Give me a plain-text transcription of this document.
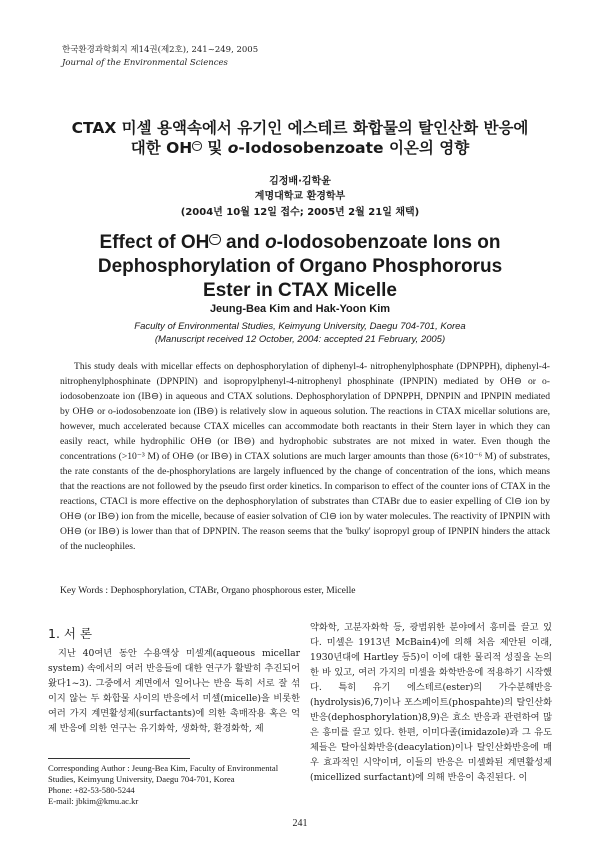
한국환경과학회지 제14권(제2호), 241~249, 2005
Journal of the Environmental Sciences
CTAX 미셀 용액속에서 유기인 에스테르 화합물의 탈인산화 반응에
대한 OH− 및 o-Iodosobenzoate 이온의 영향
김정배·김학윤
계명대학교 환경학부
(2004년 10월 12일 접수; 2005년 2월 21일 채택)
Effect of OH − and o-Iodosobenzoate Ions on
Dephosphorylation of Organo Phosphororus
Ester in CTAX Micelle
Jeung-Bea Kim and Hak-Yoon Kim
Faculty of Environmental Studies, Keimyung University, Daegu 704-701, Korea
(Manuscript received 12 October, 2004: accepted 21 February, 2005)
This study deals with micellar effects on dephosphorylation of diphenyl-4- nitrophenylphosphate (DPNPPH), diphenyl-4-nitrophenylphosphinate (DPNPIN) and isopropylphenyl-4-nitrophenyl phosphinate (IPNPIN) mediated by OH⊖ or o-iodosobenzoate ion (IB⊖) in aqueous and CTAX solutions. Dephosphorylation of DPNPPH, DPNPIN and IPNPIN mediated by OH⊖ or o-iodosobenzoate ion (IB⊖) is relatively slow in aqueous solution. The reactions in CTAX micellar solutions are, however, much accelerated because CTAX micelles can accommodate both reactants in their Stern layer in which they can easily react, while hydrophilic OH⊖ (or IB⊖) and hydrophobic substrates are not mixed in water. Even though the concentrations (>10⁻³ M) of OH⊖ (or IB⊖) in CTAX solutions are much larger amounts than those (6×10⁻⁶ M) of substrates, the rate constants of the de-phosphorylations are largely influenced by the change of concentration of the ions, which means that the reactions are not followed by the pseudo first order kinetics. In comparison to effect of the counter ions of CTAX in the reactions, CTACl is more effective on the dephosphorylation of substrates than CTABr due to easier expelling of Cl⊖ ion by OH⊖ (or IB⊖) ion from the micelle, because of easier solvation of Cl⊖ ion by water molecules. The reactivity of IPNPIN with OH⊖ (or IB⊖) is lower than that of DPNPIN. The reason seems that the 'bulky' isopropyl group of IPNPIN hinders the attack of the nucleophiles.
Key Words : Dephosphorylation, CTABr, Organo phosphorous ester, Micelle
1. 서 론
지난 40여년 동안 수용액상 미셀계(aqueous micellar system) 속에서의 여러 반응들에 대한 연구가 활발히 추진되어 왔다1~3). 그중에서 계면에서 일어나는 반응 특히 서로 잘 섞이지 않는 두 화합물 사이의 반응에서 미셀(micelle)을 비롯한 여러 가지 계면활성제(surfactants)에 의한 촉매작용 혹은 억제 반응에 의한 연구는 유기화학, 생화학, 환경화학, 제
약화학, 고분자화학 등, 광범위한 분야에서 흥미를 끌고 있다. 미셀은 1913년 McBain4)에 의해 처음 제안된 이래, 1930년대에 Hartley 등5)이 이에 대한 물리적 성질을 논의한 바 있고, 여러 가지의 미셀을 화학반응에 적용하기 시작했다. 특히 유기 에스테르(ester)의 가수분해반응(hydrolysis)6,7)이나 포스페이트(phospahte)의 탈인산화반응(dephosphorylation)8,9)은 효소 반응과 관련하여 많은 흥미를 끌고 있다. 한편, 이미다졸(imidazole)과 그 유도체들은 탈아실화반응(deacylation)이나 탈인산화반응에 매우 효과적인 시약이며, 이들의 반응은 미셀화된 계면활성제(micellized surfactant)에 의해 반응이 촉진된다. 이
Corresponding Author : Jeung-Bea Kim, Faculty of Environmental Studies, Keimyung University, Daegu 704-701, Korea
Phone: +82-53-580-5244
E-mail: jbkim@kmu.ac.kr
241
